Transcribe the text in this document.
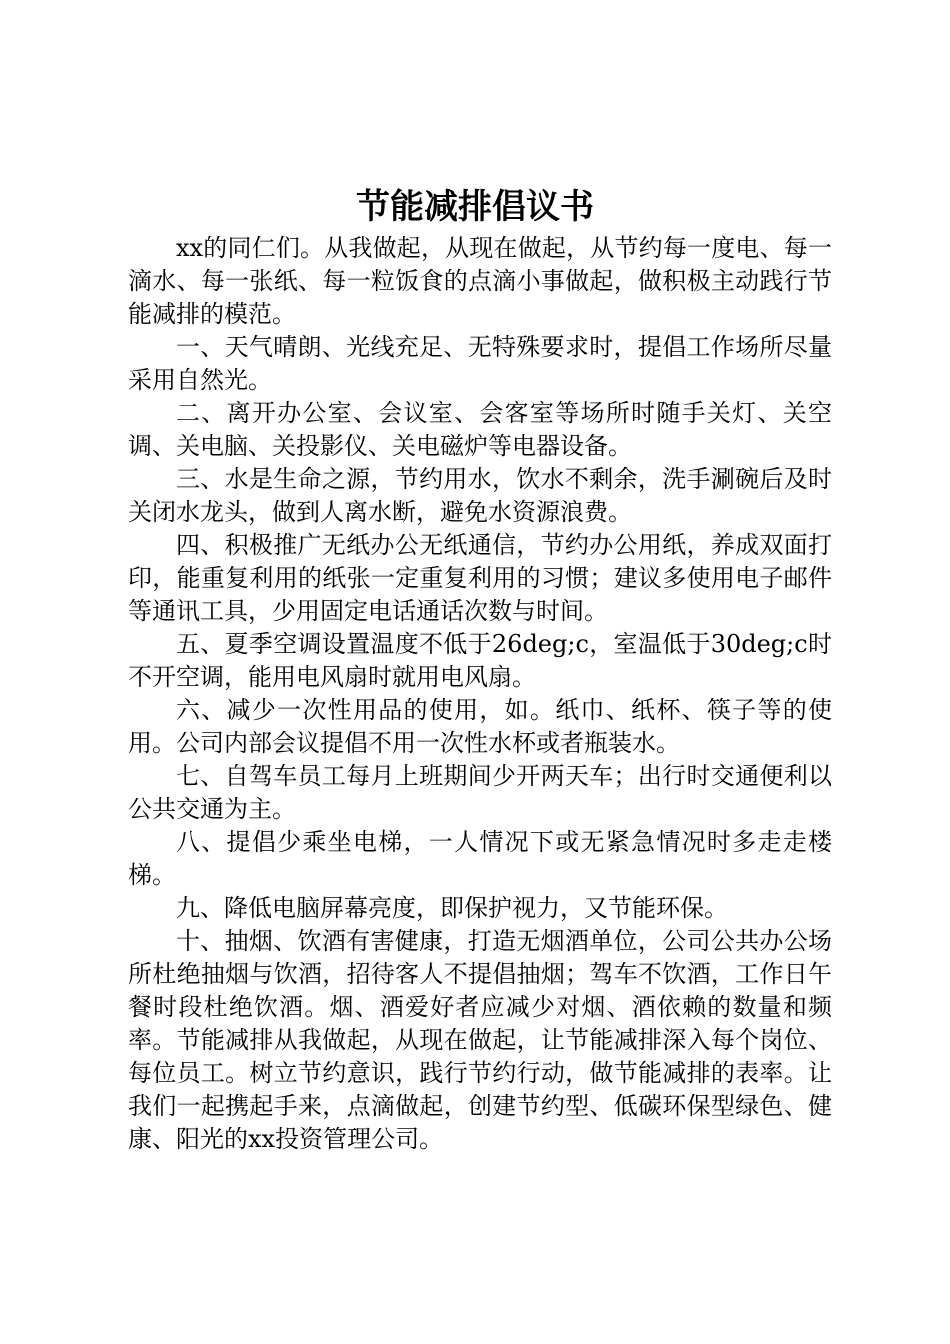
节能减排倡议书

xx的同仁们。从我做起，从现在做起，从节约每一度电、每一滴水、每一张纸、每一粒饭食的点滴小事做起，做积极主动践行节能减排的模范。

一、天气晴朗、光线充足、无特殊要求时，提倡工作场所尽量采用自然光。

二、离开办公室、会议室、会客室等场所时随手关灯、关空调、关电脑、关投影仪、关电磁炉等电器设备。

三、水是生命之源，节约用水，饮水不剩余，洗手涮碗后及时关闭水龙头，做到人离水断，避免水资源浪费。

四、积极推广无纸办公无纸通信，节约办公用纸，养成双面打印，能重复利用的纸张一定重复利用的习惯；建议多使用电子邮件等通讯工具，少用固定电话通话次数与时间。

五、夏季空调设置温度不低于26deg;c，室温低于30deg;c时不开空调，能用电风扇时就用电风扇。

六、减少一次性用品的使用，如。纸巾、纸杯、筷子等的使用。公司内部会议提倡不用一次性水杯或者瓶装水。

七、自驾车员工每月上班期间少开两天车；出行时交通便利以公共交通为主。

八、提倡少乘坐电梯，一人情况下或无紧急情况时多走走楼梯。

九、降低电脑屏幕亮度，即保护视力，又节能环保。

十、抽烟、饮酒有害健康，打造无烟酒单位，公司公共办公场所杜绝抽烟与饮酒，招待客人不提倡抽烟；驾车不饮酒，工作日午餐时段杜绝饮酒。烟、酒爱好者应减少对烟、酒依赖的数量和频率。节能减排从我做起，从现在做起，让节能减排深入每个岗位、每位员工。树立节约意识，践行节约行动，做节能减排的表率。让我们一起携起手来，点滴做起，创建节约型、低碳环保型绿色、健康、阳光的xx投资管理公司。
